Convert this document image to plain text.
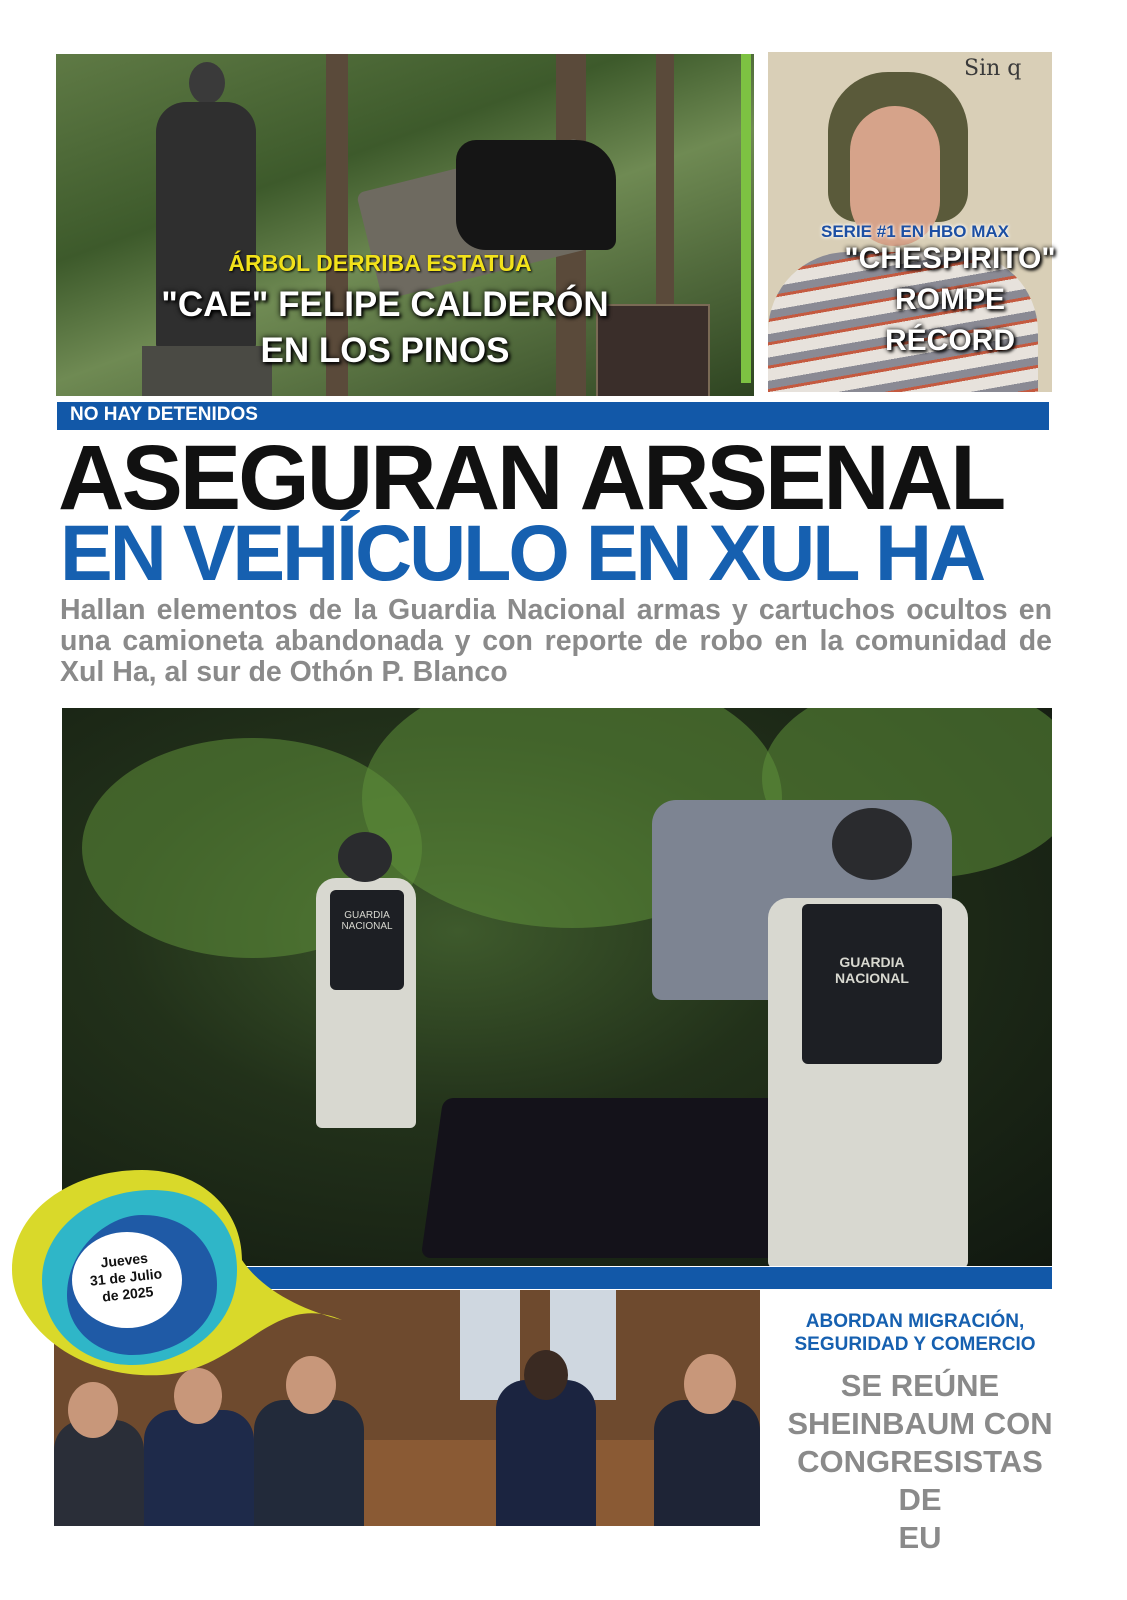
ÁRBOL DERRIBA ESTATUA
"CAE" FELIPE CALDERÓN
EN LOS PINOS
Sin q
SERIE #1 EN HBO MAX
"CHESPIRITO"
ROMPE
RÉCORD
NO HAY DETENIDOS
ASEGURAN ARSENAL
EN VEHÍCULO EN XUL HA
Hallan elementos de la Guardia Nacional armas y cartuchos ocultos en una camioneta abandonada y con reporte de robo en la comunidad de Xul Ha, al sur de Othón P. Blanco
GUARDIA NACIONAL
GUARDIA NACIONAL
Jueves
31 de Julio
de 2025
ABORDAN MIGRACIÓN,
SEGURIDAD Y COMERCIO
SE REÚNE
SHEINBAUM CON
CONGRESISTAS DE
EU
